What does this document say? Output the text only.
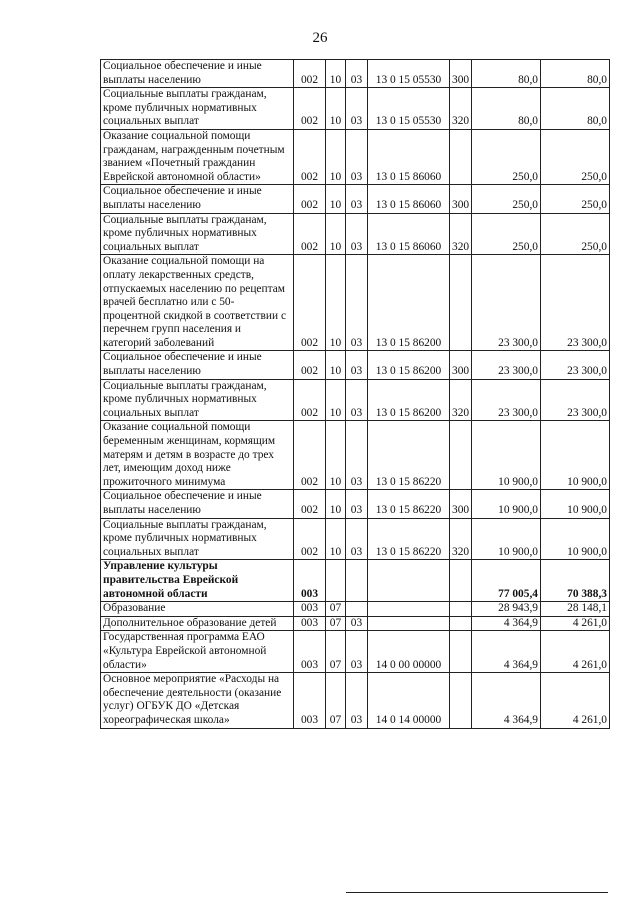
26
Социальное обеспечение и иные выплаты населению	002	10	03	13 0 15 05530	300	80,0	80,0
Социальные выплаты гражданам, кроме публичных нормативных социальных выплат	002	10	03	13 0 15 05530	320	80,0	80,0
Оказание социальной помощи гражданам, награжденным почетным званием «Почетный гражданин Еврейской автономной области»	002	10	03	13 0 15 86060		250,0	250,0
Социальное обеспечение и иные выплаты населению	002	10	03	13 0 15 86060	300	250,0	250,0
Социальные выплаты гражданам, кроме публичных нормативных социальных выплат	002	10	03	13 0 15 86060	320	250,0	250,0
Оказание социальной помощи на оплату лекарственных средств, отпускаемых населению по рецептам врачей бесплатно или с 50-процентной скидкой в соответствии с перечнем групп населения и категорий заболеваний	002	10	03	13 0 15 86200		23 300,0	23 300,0
Социальное обеспечение и иные выплаты населению	002	10	03	13 0 15 86200	300	23 300,0	23 300,0
Социальные выплаты гражданам, кроме публичных нормативных социальных выплат	002	10	03	13 0 15 86200	320	23 300,0	23 300,0
Оказание социальной помощи беременным женщинам, кормящим матерям и детям в возрасте до трех лет, имеющим доход ниже прожиточного минимума	002	10	03	13 0 15 86220		10 900,0	10 900,0
Социальное обеспечение и иные выплаты населению	002	10	03	13 0 15 86220	300	10 900,0	10 900,0
Социальные выплаты гражданам, кроме публичных нормативных социальных выплат	002	10	03	13 0 15 86220	320	10 900,0	10 900,0
Управление культуры правительства Еврейской автономной области	003					77 005,4	70 388,3
Образование	003	07				28 943,9	28 148,1
Дополнительное образование детей	003	07	03			4 364,9	4 261,0
Государственная программа ЕАО «Культура Еврейской автономной области»	003	07	03	14 0 00 00000		4 364,9	4 261,0
Основное мероприятие «Расходы на обеспечение деятельности (оказание услуг) ОГБУК ДО «Детская хореографическая школа»	003	07	03	14 0 14 00000		4 364,9	4 261,0
